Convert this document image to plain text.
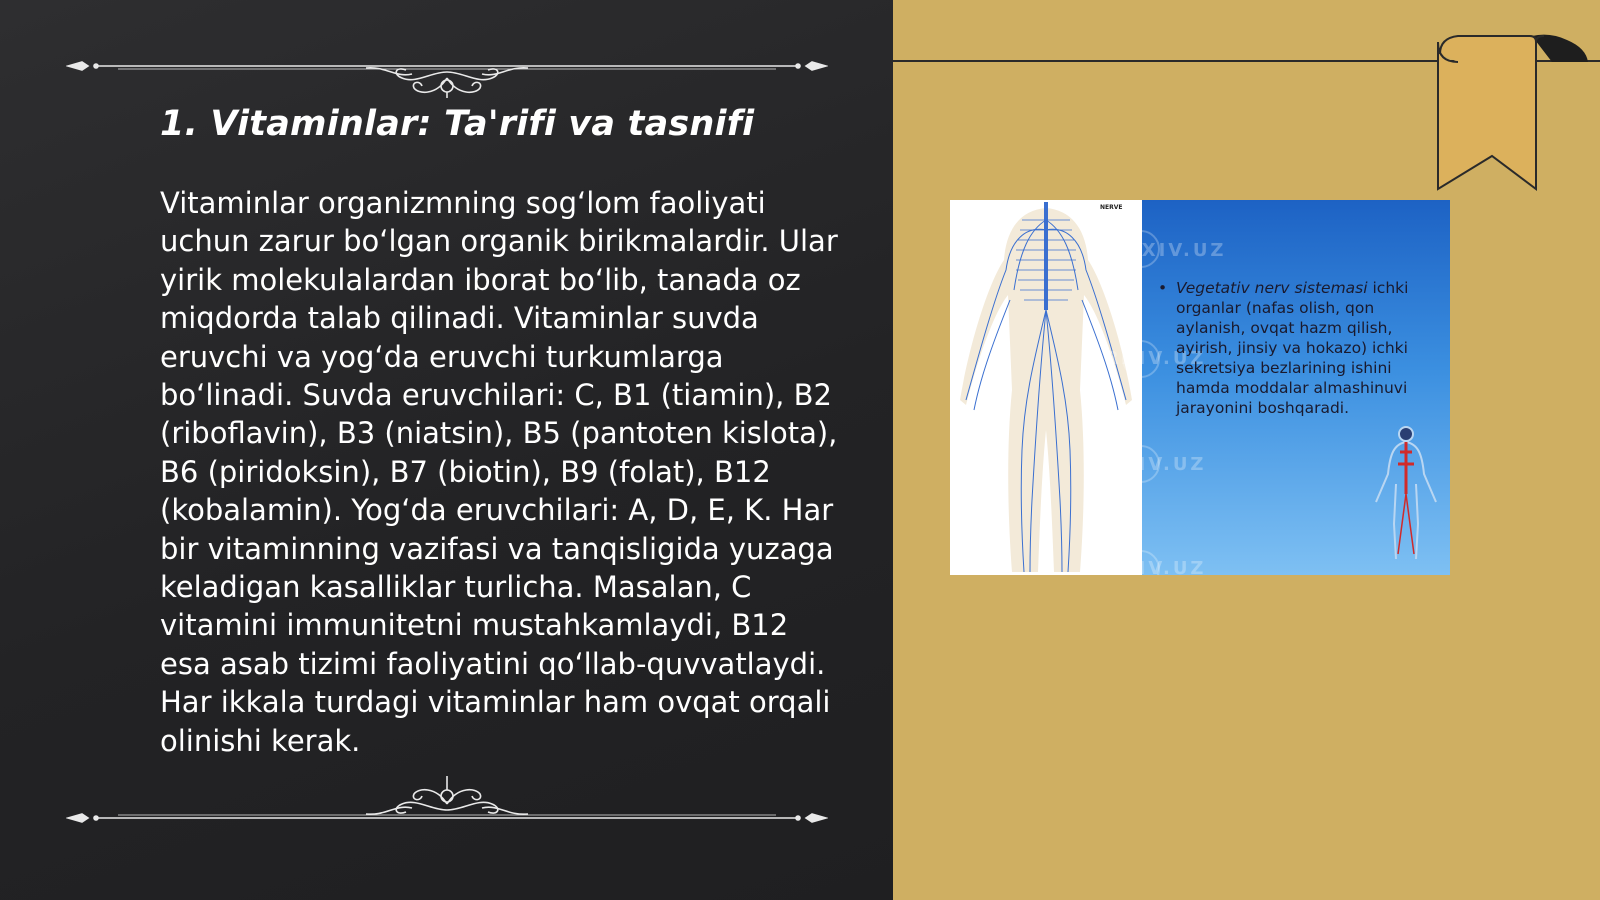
1. Vitaminlar: Ta'rifi va tasnifi

Vitaminlar organizmning sog‘lom faoliyati uchun zarur bo‘lgan organik birikmalardir. Ular yirik molekulalardan iborat bo‘lib, tanada oz miqdorda talab qilinadi. Vitaminlar suvda eruvchi va yog‘da eruvchi turkumlarga bo‘linadi. Suvda eruvchilari: C, B1 (tiamin), B2 (riboflavin), B3 (niatsin), B5 (pantoten kislota), B6 (piridoksin), B7 (biotin), B9 (folat), B12 (kobalamin). Yog‘da eruvchilari: A, D, E, K. Har bir vitaminning vazifasi va tanqisligida yuzaga keladigan kasalliklar turlicha. Masalan, C vitamini immunitetni mustahkamlaydi, B12 esa asab tizimi faoliyatini qo‘llab-quvvatlaydi. Har ikkala turdagi vitaminlar ham ovqat orqali olinishi kerak.

NERVE
ARXIV.UZ
ARXIV.UZ
ARXIV.UZ
ARXIV.UZ
• Vegetativ nerv sistemasi ichki organlar (nafas olish, qon aylanish, ovqat hazm qilish, ayirish, jinsiy va hokazo) ichki sekretsiya bezlarining ishini hamda moddalar almashinuvi jarayonini boshqaradi.
